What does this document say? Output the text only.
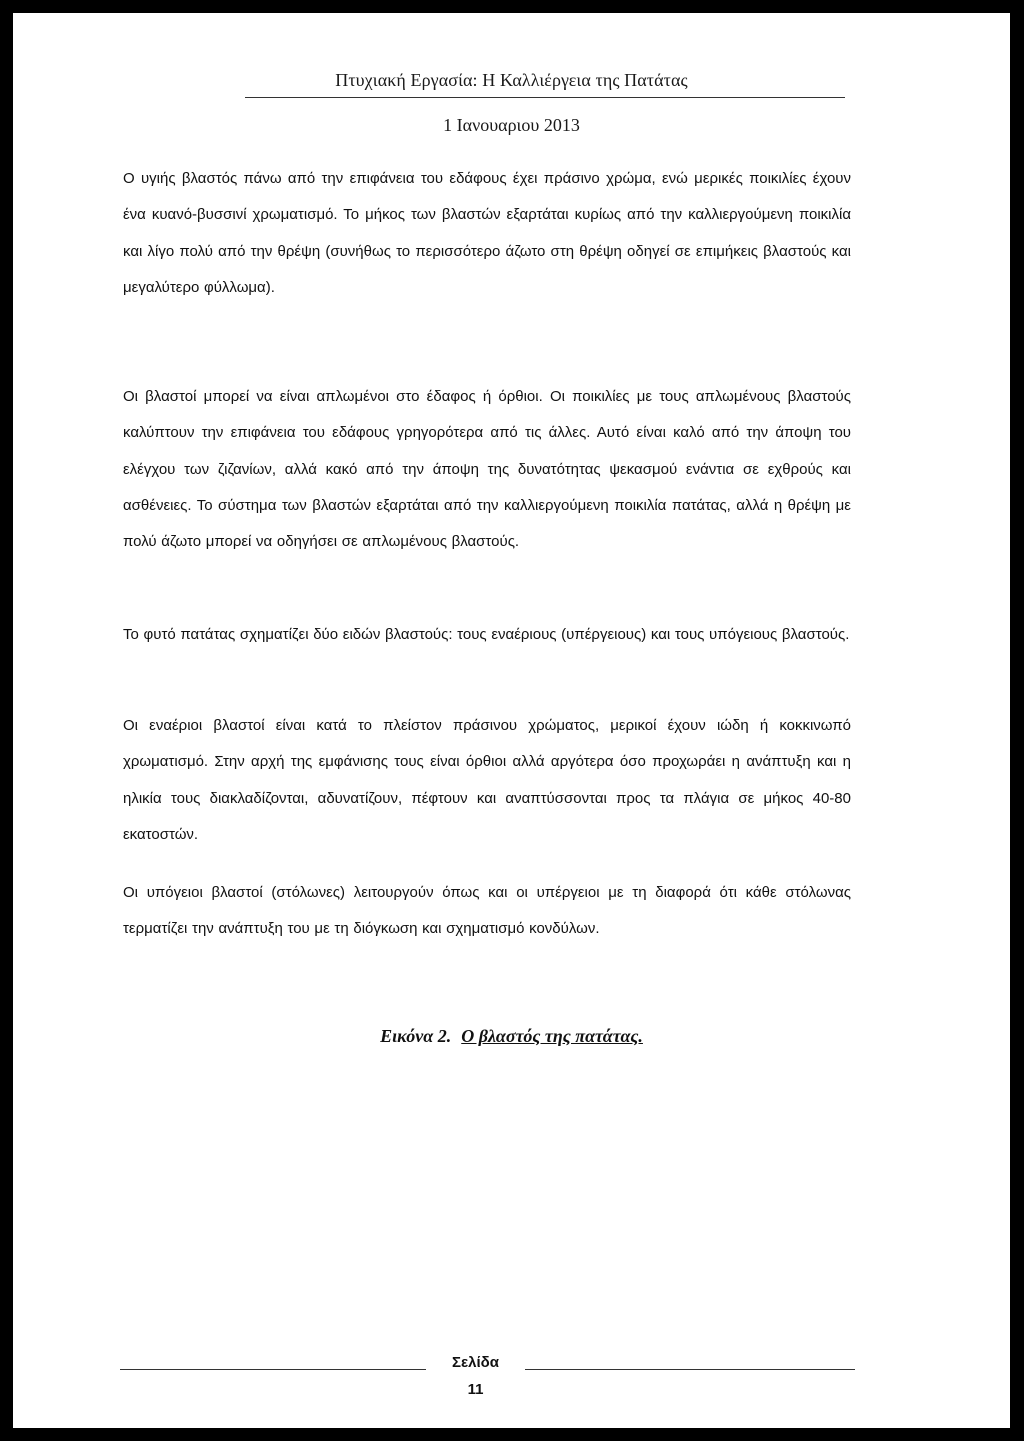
Πτυχιακή Εργασία: Η Καλλιέργεια της Πατάτας
1 Ιανουαριου 2013

Ο υγιής βλαστός πάνω από την επιφάνεια του εδάφους έχει πράσινο χρώμα, ενώ μερικές ποικιλίες έχουν ένα κυανό-βυσσινί χρωματισμό. Το μήκος των βλαστών εξαρτάται κυρίως από την καλλιεργούμενη ποικιλία και λίγο πολύ από την θρέψη (συνήθως το περισσότερο άζωτο στη θρέψη οδηγεί σε επιμήκεις βλαστούς και μεγαλύτερο φύλλωμα).

Οι βλαστοί μπορεί να είναι απλωμένοι στο έδαφος ή όρθιοι. Οι ποικιλίες με τους απλωμένους βλαστούς καλύπτουν την επιφάνεια του εδάφους γρηγορότερα από τις άλλες. Αυτό είναι καλό από την άποψη του ελέγχου των ζιζανίων, αλλά κακό από την άποψη της δυνατότητας ψεκασμού ενάντια σε εχθρούς και ασθένειες. Το σύστημα των βλαστών εξαρτάται από την καλλιεργούμενη ποικιλία πατάτας, αλλά η θρέψη με πολύ άζωτο μπορεί να οδηγήσει σε απλωμένους βλαστούς.

Το φυτό πατάτας σχηματίζει δύο ειδών βλαστούς: τους εναέριους (υπέργειους) και τους υπόγειους βλαστούς.

Οι εναέριοι βλαστοί είναι κατά το πλείστον πράσινου χρώματος, μερικοί έχουν ιώδη ή κοκκινωπό χρωματισμό. Στην αρχή της εμφάνισης τους είναι όρθιοι αλλά αργότερα όσο προχωράει η ανάπτυξη και η ηλικία τους διακλαδίζονται, αδυνατίζουν, πέφτουν και αναπτύσσονται προς τα πλάγια σε μήκος 40-80 εκατοστών.

Οι υπόγειοι βλαστοί (στόλωνες) λειτουργούν όπως και οι υπέργειοι με τη διαφορά ότι κάθε στόλωνας τερματίζει την ανάπτυξη του με τη διόγκωση και σχηματισμό κονδύλων.

Εικόνα 2. Ο βλαστός της πατάτας.
Σελίδα
11
